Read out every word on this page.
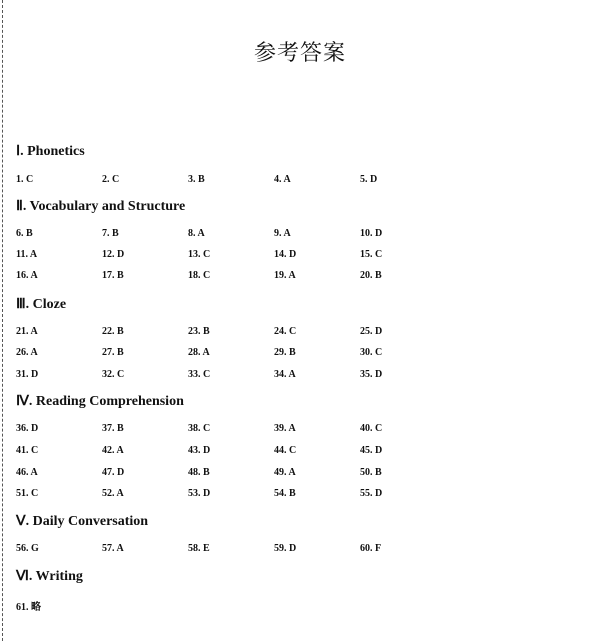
参考答案
Ⅰ. Phonetics
1. C	2. C	3. B	4. A	5. D
Ⅱ. Vocabulary and Structure
6. B	7. B	8. A	9. A	10. D
11. A	12. D	13. C	14. D	15. C
16. A	17. B	18. C	19. A	20. B
Ⅲ. Cloze
21. A	22. B	23. B	24. C	25. D
26. A	27. B	28. A	29. B	30. C
31. D	32. C	33. C	34. A	35. D
Ⅳ. Reading Comprehension
36. D	37. B	38. C	39. A	40. C
41. C	42. A	43. D	44. C	45. D
46. A	47. D	48. B	49. A	50. B
51. C	52. A	53. D	54. B	55. D
Ⅴ. Daily Conversation
56. G	57. A	58. E	59. D	60. F
Ⅵ. Writing
61. 略
